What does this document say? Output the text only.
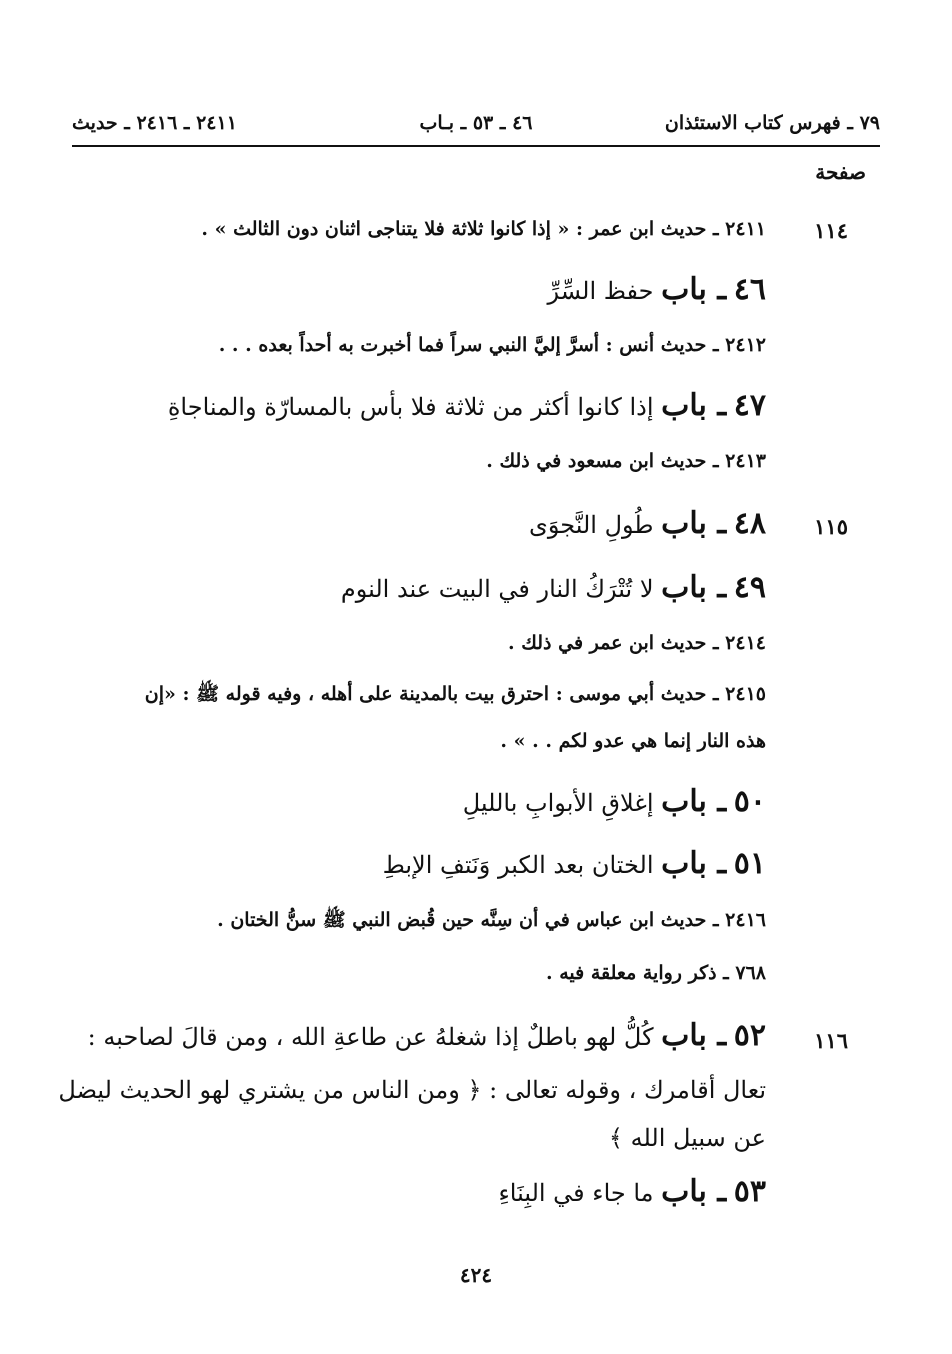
٧٩ ـ فهرس كتاب الاستئذان
٤٦ ـ ٥٣ ـ بـاب
٢٤١١ ـ ٢٤١٦ ـ حديث
صفحة
١١٤
٢٤١١ ـ حديث ابن عمر : « إذا كانوا ثلاثة فلا يتناجى اثنان دون الثالث » .
٤٦ ـ باب حفظ السِّرِّ
٢٤١٢ ـ حديث أنس : أسرَّ إليَّ النبي سراً فما أخبرت به أحداً بعده . . .
٤٧ ـ باب إذا كانوا أكثر من ثلاثة فلا بأس بالمسارّة والمناجاةِ
٢٤١٣ ـ حديث ابن مسعود في ذلك .
١١٥
٤٨ ـ باب طُولِ النَّجوَى
٤٩ ـ باب لا تُتْرَكُ النار في البيت عند النوم
٢٤١٤ ـ حديث ابن عمر في ذلك .
٢٤١٥ ـ حديث أبي موسى : احترق بيت بالمدينة على أهله ، وفيه قوله ﷺ : «إن
هذه النار إنما هي عدو لكم . . » .
٥٠ ـ باب إغلاقِ الأبوابِ بالليلِ
٥١ ـ باب الختان بعد الكبر وَنَتفِ الإبطِ
٢٤١٦ ـ حديث ابن عباس في أن سِنَّه حين قُبض النبي ﷺ سنُّ الختان .
٧٦٨ ـ ذكر رواية معلقة فيه .
١١٦
٥٢ ـ باب كُلُّ لهو باطلٌ إذا شغلهُ عن طاعةِ الله ، ومن قالَ لصاحبه :
تعال أقامرك ، وقوله تعالى : ﴿ ومن الناس من يشتري لهو الحديث ليضل
عن سبيل الله ﴾
٥٣ ـ باب ما جاء في البِنَاءِ
٤٢٤
